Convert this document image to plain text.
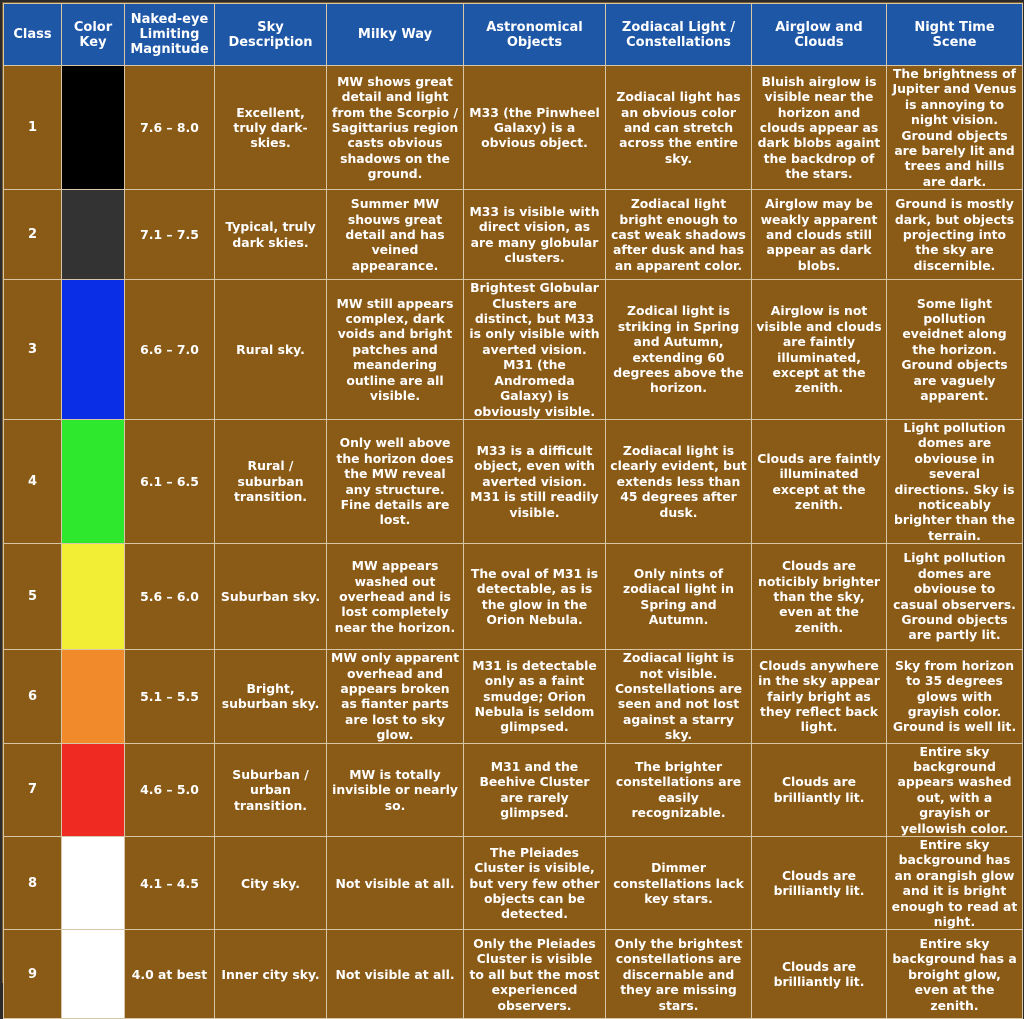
Class	Color Key	Naked-eye Limiting Magnitude	Sky Description	Milky Way	Astronomical Objects	Zodiacal Light / Constellations	Airglow and Clouds	Night Time Scene
1		7.6 – 8.0	Excellent, truly dark-skies.	MW shows great detail and light from the Scorpio / Sagittarius region casts obvious shadows on the ground.	M33 (the Pinwheel Galaxy) is a obvious object.	Zodiacal light has an obvious color and can stretch across the entire sky.	Bluish airglow is visible near the horizon and clouds appear as dark blobs againt the backdrop of the stars.	The brightness of Jupiter and Venus is annoying to night vision. Ground objects are barely lit and trees and hills are dark.
2		7.1 – 7.5	Typical, truly dark skies.	Summer MW shouws great detail and has veined appearance.	M33 is visible with direct vision, as are many globular clusters.	Zodiacal light bright enough to cast weak shadows after dusk and has an apparent color.	Airglow may be weakly apparent and clouds still appear as dark blobs.	Ground is mostly dark, but objects projecting into the sky are discernible.
3		6.6 – 7.0	Rural sky.	MW still appears complex, dark voids and bright patches and meandering outline are all visible.	Brightest Globular Clusters are distinct, but M33 is only visible with averted vision. M31 (the Andromeda Galaxy) is obviously visible.	Zodical light is striking in Spring and Autumn, extending 60 degrees above the horizon.	Airglow is not visible and clouds are faintly illuminated, except at the zenith.	Some light pollution eveidnet along the horizon. Ground objects are vaguely apparent.
4		6.1 – 6.5	Rural / suburban transition.	Only well above the horizon does the MW reveal any structure. Fine details are lost.	M33 is a difficult object, even with averted vision. M31 is still readily visible.	Zodiacal light is clearly evident, but extends less than 45 degrees after dusk.	Clouds are faintly illuminated except at the zenith.	Light pollution domes are obviouse in several directions. Sky is noticeably brighter than the terrain.
5		5.6 – 6.0	Suburban sky.	MW appears washed out overhead and is lost completely near the horizon.	The oval of M31 is detectable, as is the glow in the Orion Nebula.	Only nints of zodiacal light in Spring and Autumn.	Clouds are noticibly brighter than the sky, even at the zenith.	Light pollution domes are obviouse to casual observers. Ground objects are partly lit.
6		5.1 – 5.5	Bright, suburban sky.	MW only apparent overhead and appears broken as fianter parts are lost to sky glow.	M31 is detectable only as a faint smudge; Orion Nebula is seldom glimpsed.	Zodiacal light is not visible. Constellations are seen and not lost against a starry sky.	Clouds anywhere in the sky appear fairly bright as they reflect back light.	Sky from horizon to 35 degrees glows with grayish color. Ground is well lit.
7		4.6 – 5.0	Suburban / urban transition.	MW is totally invisible or nearly so.	M31 and the Beehive Cluster are rarely glimpsed.	The brighter constellations are easily recognizable.	Clouds are brilliantly lit.	Entire sky background appears washed out, with a grayish or yellowish color.
8		4.1 – 4.5	City sky.	Not visible at all.	The Pleiades Cluster is visible, but very few other objects can be detected.	Dimmer constellations lack key stars.	Clouds are brilliantly lit.	Entire sky background has an orangish glow and it is bright enough to read at night.
9		4.0 at best	Inner city sky.	Not visible at all.	Only the Pleiades Cluster is visible to all but the most experienced observers.	Only the brightest constellations are discernable and they are missing stars.	Clouds are brilliantly lit.	Entire sky background has a broight glow, even at the zenith.
